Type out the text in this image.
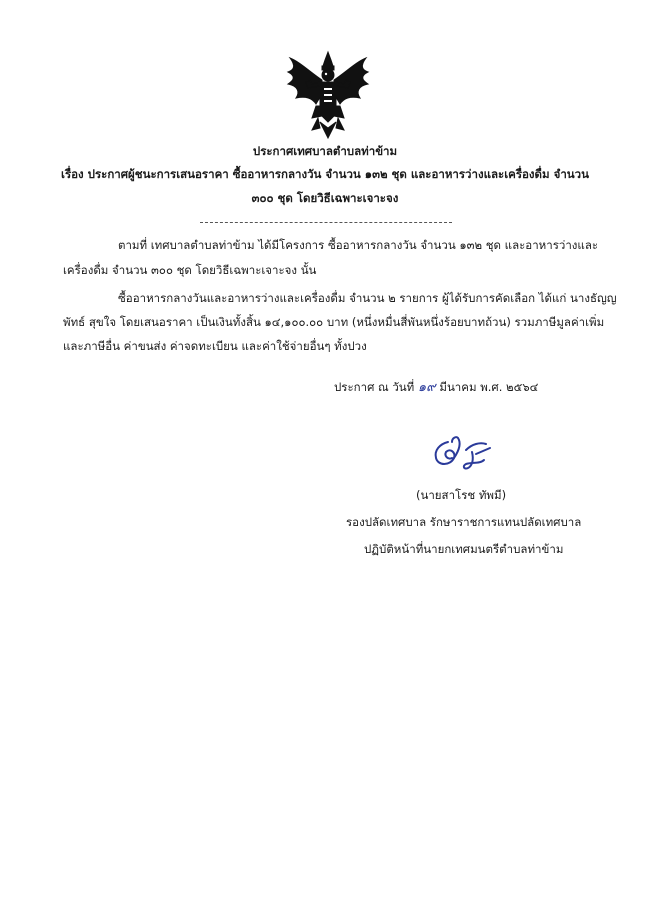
ประกาศเทศบาลตำบลท่าข้าม
เรื่อง ประกาศผู้ชนะการเสนอราคา ซื้ออาหารกลางวัน จำนวน ๑๓๒ ชุด และอาหารว่างและเครื่องดื่ม จำนวน
๓๐๐ ชุด โดยวิธีเฉพาะเจาะจง
ตามที่ เทศบาลตำบลท่าข้าม ได้มีโครงการ ซื้ออาหารกลางวัน จำนวน ๑๓๒ ชุด และอาหารว่างและ
เครื่องดื่ม จำนวน ๓๐๐ ชุด โดยวิธีเฉพาะเจาะจง นั้น
ซื้ออาหารกลางวันและอาหารว่างและเครื่องดื่ม จำนวน ๒ รายการ ผู้ได้รับการคัดเลือก ได้แก่ นางธัญญ
พัทธ์ สุขใจ โดยเสนอราคา เป็นเงินทั้งสิ้น ๑๔,๑๐๐.๐๐ บาท (หนึ่งหมื่นสี่พันหนึ่งร้อยบาทถ้วน) รวมภาษีมูลค่าเพิ่ม
และภาษีอื่น ค่าขนส่ง ค่าจดทะเบียน และค่าใช้จ่ายอื่นๆ ทั้งปวง
ประกาศ ณ วันที่ ๑๙ มีนาคม พ.ศ. ๒๕๖๔
(นายสาโรช ทัพมี)
รองปลัดเทศบาล รักษาราชการแทนปลัดเทศบาล
ปฏิบัติหน้าที่นายกเทศมนตรีตำบลท่าข้าม
